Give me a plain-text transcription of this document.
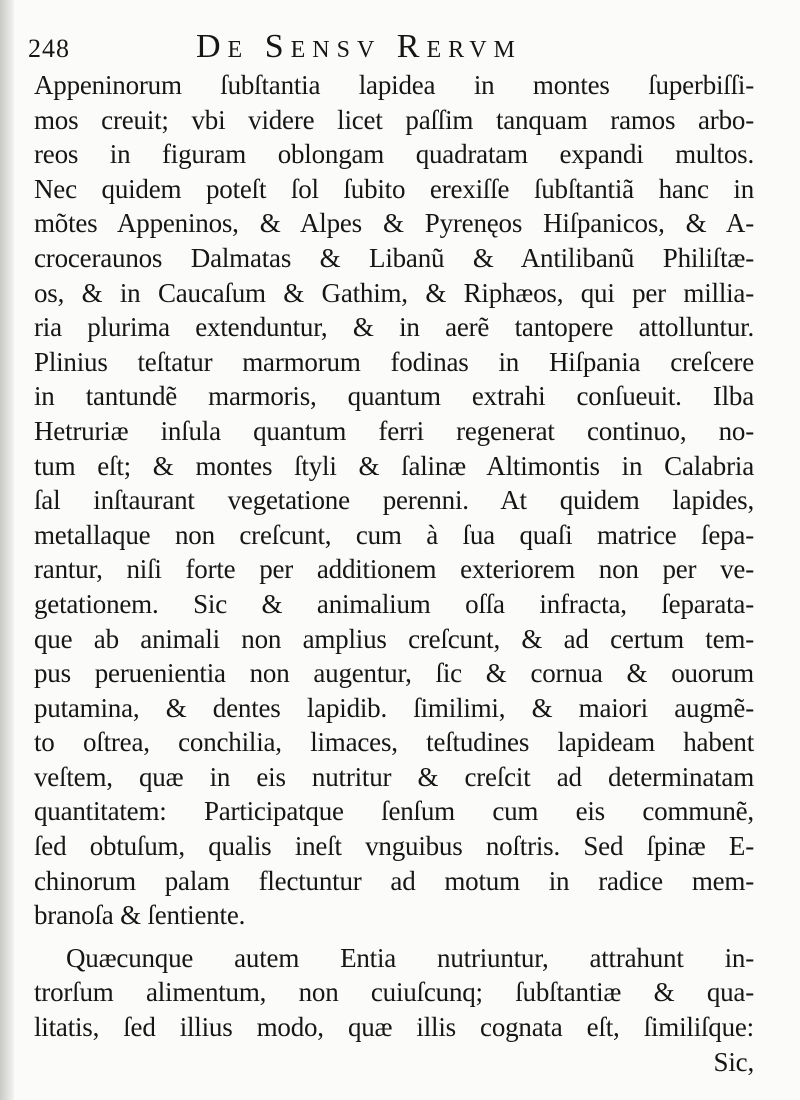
248	De Sensv Rervm
Appeninorum ſubſtantia lapidea in montes ſuperbiſſi-
mos creuit; vbi videre licet paſſim tanquam ramos arbo-
reos in figuram oblongam quadratam expandi multos.
Nec quidem poteſt ſol ſubito erexiſſe ſubſtantiã hanc in
mõtes Appeninos, & Alpes & Pyrenęos Hiſpanicos, & A-
croceraunos Dalmatas & Libanũ & Antilibanũ Philiſtæ-
os, & in Caucaſum & Gathim, & Riphæos, qui per millia-
ria plurima extenduntur, & in aerẽ tantopere attolluntur.
Plinius teſtatur marmorum fodinas in Hiſpania creſcere
in tantundẽ marmoris, quantum extrahi conſueuit. Ilba
Hetruriæ inſula quantum ferri regenerat continuo, no-
tum eſt; & montes ſtyli & ſalinæ Altimontis in Calabria
ſal inſtaurant vegetatione perenni. At quidem lapides,
metallaque non creſcunt, cum à ſua quaſi matrice ſepa-
rantur, niſi forte per additionem exteriorem non per ve-
getationem. Sic & animalium oſſa infracta, ſeparata-
que ab animali non amplius creſcunt, & ad certum tem-
pus peruenientia non augentur, ſic & cornua & ouorum
putamina, & dentes lapidib. ſimilimi, & maiori augmẽ-
to oſtrea, conchilia, limaces, teſtudines lapideam habent
veſtem, quæ in eis nutritur & creſcit ad determinatam
quantitatem: Participatque ſenſum cum eis communẽ,
ſed obtuſum, qualis ineſt vnguibus noſtris. Sed ſpinæ E-
chinorum palam flectuntur ad motum in radice mem-
branoſa & ſentiente.
Quæcunque autem Entia nutriuntur, attrahunt in-
trorſum alimentum, non cuiuſcunq; ſubſtantiæ & qua-
litatis, ſed illius modo, quæ illis cognata eſt, ſimiliſque:
Sic,
